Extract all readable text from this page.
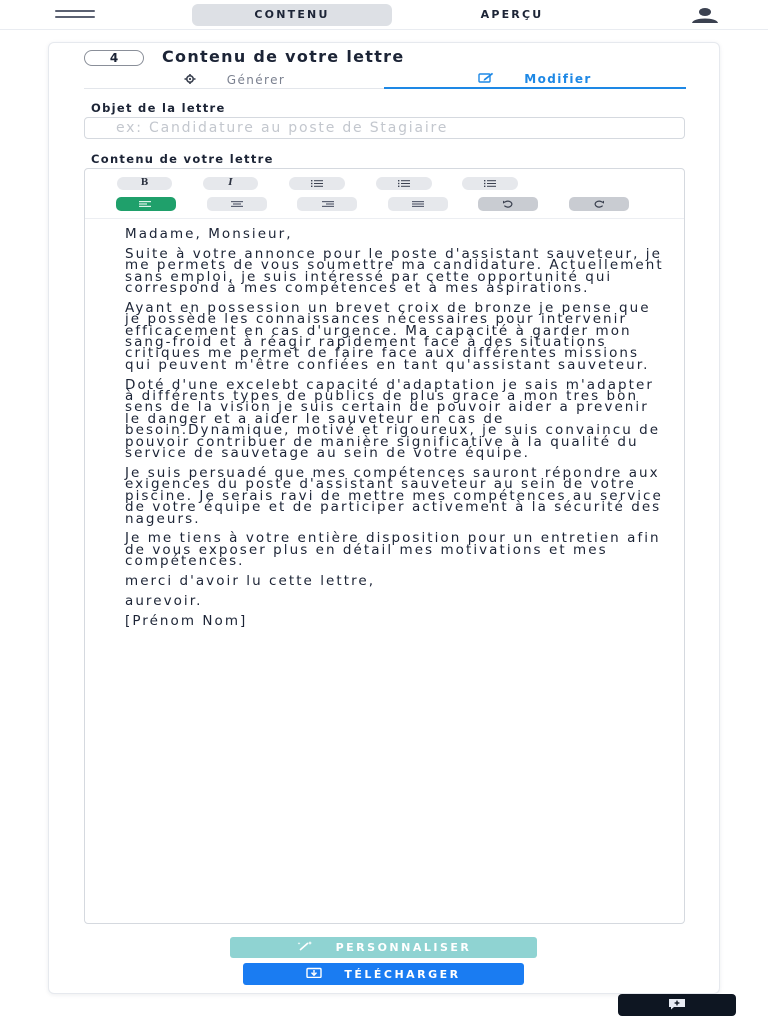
CONTENU	APERÇU
4	Contenu de votre lettre
Générer	Modifier
Objet de la lettre
ex: Candidature au poste de Stagiaire
Contenu de votre lettre
B	I

Madame, Monsieur,

Suite à votre annonce pour le poste d'assistant sauveteur, je me permets de vous soumettre ma candidature. Actuellement sans emploi, je suis intéressé par cette opportunité qui correspond à mes compétences et à mes aspirations.

Ayant en possession un brevet croix de bronze je pense que je possède les connaissances nécessaires pour intervenir efficacement en cas d'urgence. Ma capacité à garder mon sang-froid et à réagir rapidement face à des situations critiques me permet de faire face aux différentes missions qui peuvent m'être confiées en tant qu'assistant sauveteur.

Doté d'une excelebt capacité d'adaptation je sais m'adapter à différents types de publics de plus grace a mon tres bon sens de la vision je suis certain de pouvoir aider a prevenir le danger et a aider le sauveteur en cas de besoin.Dynamique, motivé et rigoureux, je suis convaincu de pouvoir contribuer de manière significative à la qualité du service de sauvetage au sein de votre équipe.

Je suis persuadé que mes compétences sauront répondre aux exigences du poste d'assistant sauveteur au sein de votre piscine. Je serais ravi de mettre mes compétences au service de votre équipe et de participer activement à la sécurité des nageurs.

Je me tiens à votre entière disposition pour un entretien afin de vous exposer plus en détail mes motivations et mes compétences.

merci d'avoir lu cette lettre,

aurevoir.

[Prénom Nom]

PERSONNALISER
TÉLÉCHARGER
